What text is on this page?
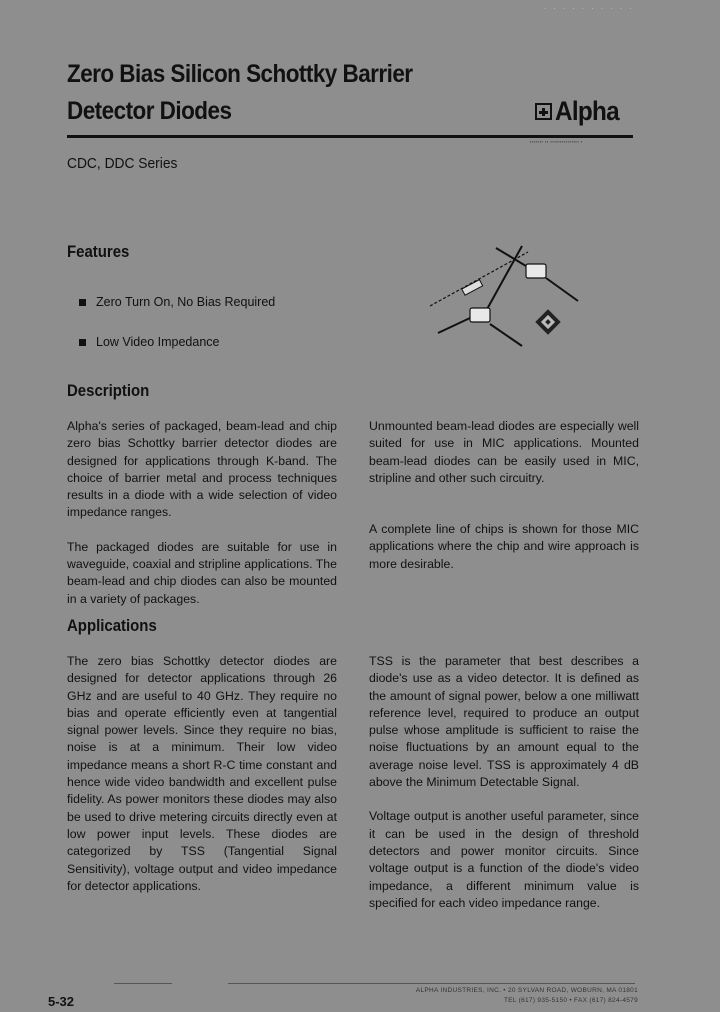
· · · · · · · · · ·
Zero Bias Silicon Schottky Barrier
Detector Diodes	Alpha
▪▪▪▪▪▪▪ ▪▪ ▪▪▪▪▪▪▪▪▪▪▪▪▪▪▪ ▪
CDC, DDC Series
Features
Zero Turn On, No Bias Required
Low Video Impedance
Description

Alpha's series of packaged, beam-lead and chip zero bias Schottky barrier detector diodes are designed for applications through K-band. The choice of barrier metal and process techniques results in a diode with a wide selection of video impedance ranges.

The packaged diodes are suitable for use in waveguide, coaxial and stripline applications. The beam-lead and chip diodes can also be mounted in a variety of packages.

Unmounted beam-lead diodes are especially well suited for use in MIC applications. Mounted beam-lead diodes can be easily used in MIC, stripline and other such circuitry.

A complete line of chips is shown for those MIC applications where the chip and wire approach is more desirable.

Applications

The zero bias Schottky detector diodes are designed for detector applications through 26 GHz and are useful to 40 GHz. They require no bias and operate efficiently even at tangential signal power levels. Since they require no bias, noise is at a minimum. Their low video impedance means a short R-C time constant and hence wide video bandwidth and excellent pulse fidelity. As power monitors these diodes may also be used to drive metering circuits directly even at low power input levels. These diodes are categorized by TSS (Tangential Signal Sensitivity), voltage output and video impedance for detector applications.

TSS is the parameter that best describes a diode's use as a video detector. It is defined as the amount of signal power, below a one milliwatt reference level, required to produce an output pulse whose amplitude is sufficient to raise the noise fluctuations by an amount equal to the average noise level. TSS is approximately 4 dB above the Minimum Detectable Signal.

Voltage output is another useful parameter, since it can be used in the design of threshold detectors and power monitor circuits. Since voltage output is a function of the diode's video impedance, a different minimum value is specified for each video impedance range.

5-32
ALPHA INDUSTRIES, INC. • 20 SYLVAN ROAD, WOBURN, MA 01801
TEL (617) 935-5150 • FAX (617) 824-4579
